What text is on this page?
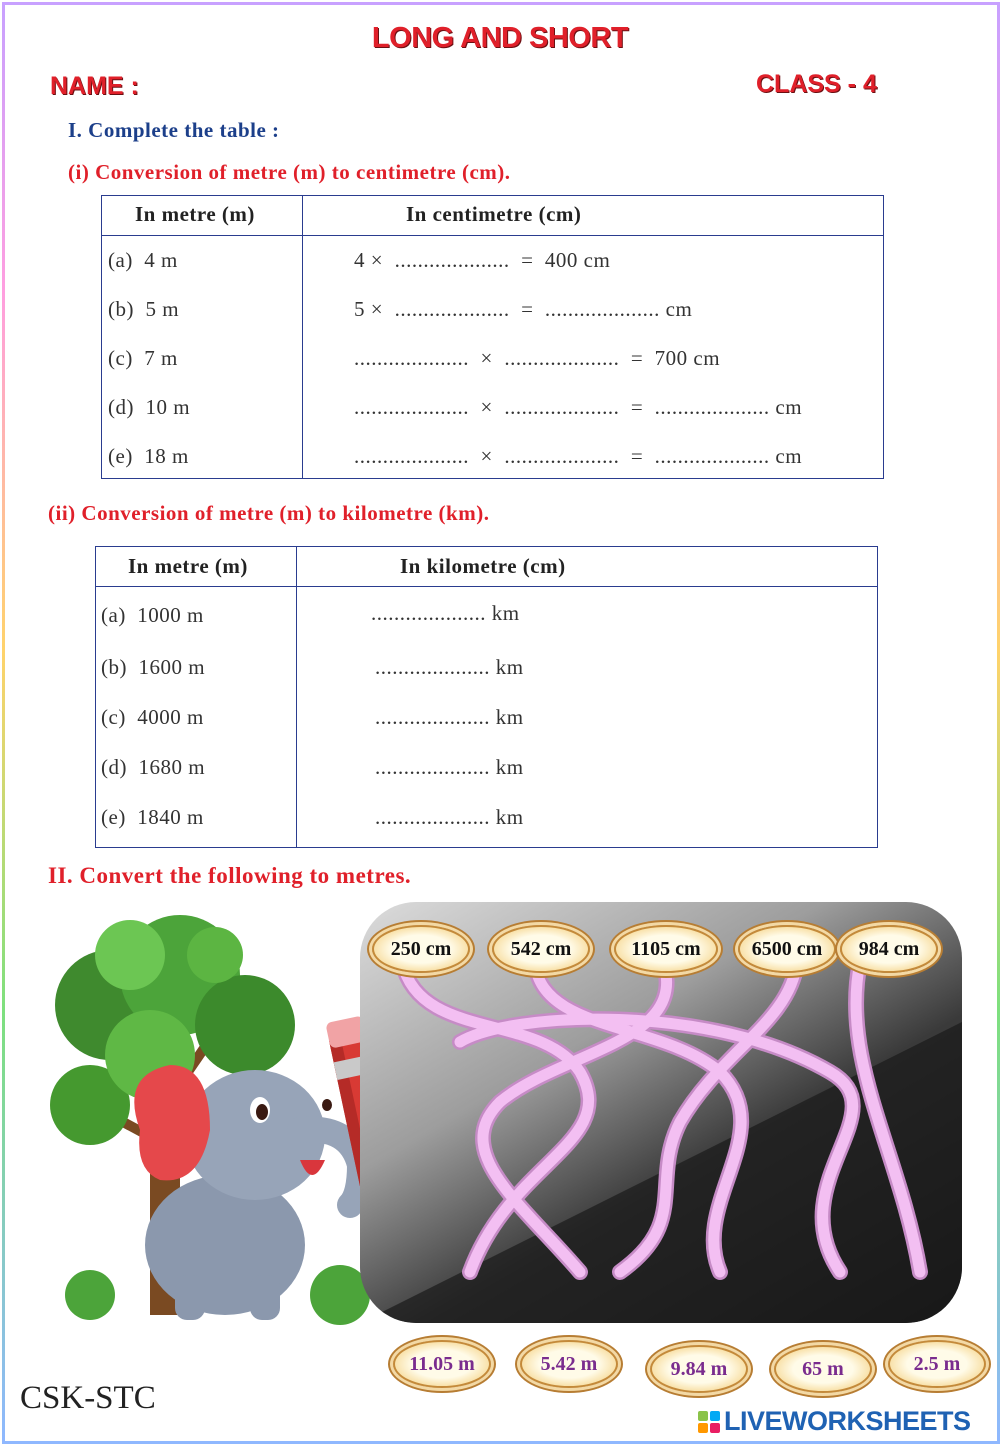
LONG AND SHORT
NAME :	CLASS - 4
I. Complete the table :
(i) Conversion of metre (m) to centimetre (cm).
In metre (m)	In centimetre (cm)
(a)  4 m	4 ×  ....................  =  400 cm
(b)  5 m	5 ×  ....................  =  .................... cm
(c)  7 m	....................  ×  ....................  =  700 cm
(d)  10 m	....................  ×  ....................  =  .................... cm
(e)  18 m	....................  ×  ....................  =  .................... cm
(ii) Conversion of metre (m) to kilometre (km).
In metre (m)	In kilometre (cm)
(a)  1000 m	.................... km
(b)  1600 m	.................... km
(c)  4000 m	.................... km
(d)  1680 m	.................... km
(e)  1840 m	.................... km
II. Convert the following to metres.
250 cm	542 cm	1105 cm	6500 cm	984 cm
11.05 m	5.42 m	9.84 m	65 m	2.5 m
CSK-STC
LIVEWORKSHEETS
